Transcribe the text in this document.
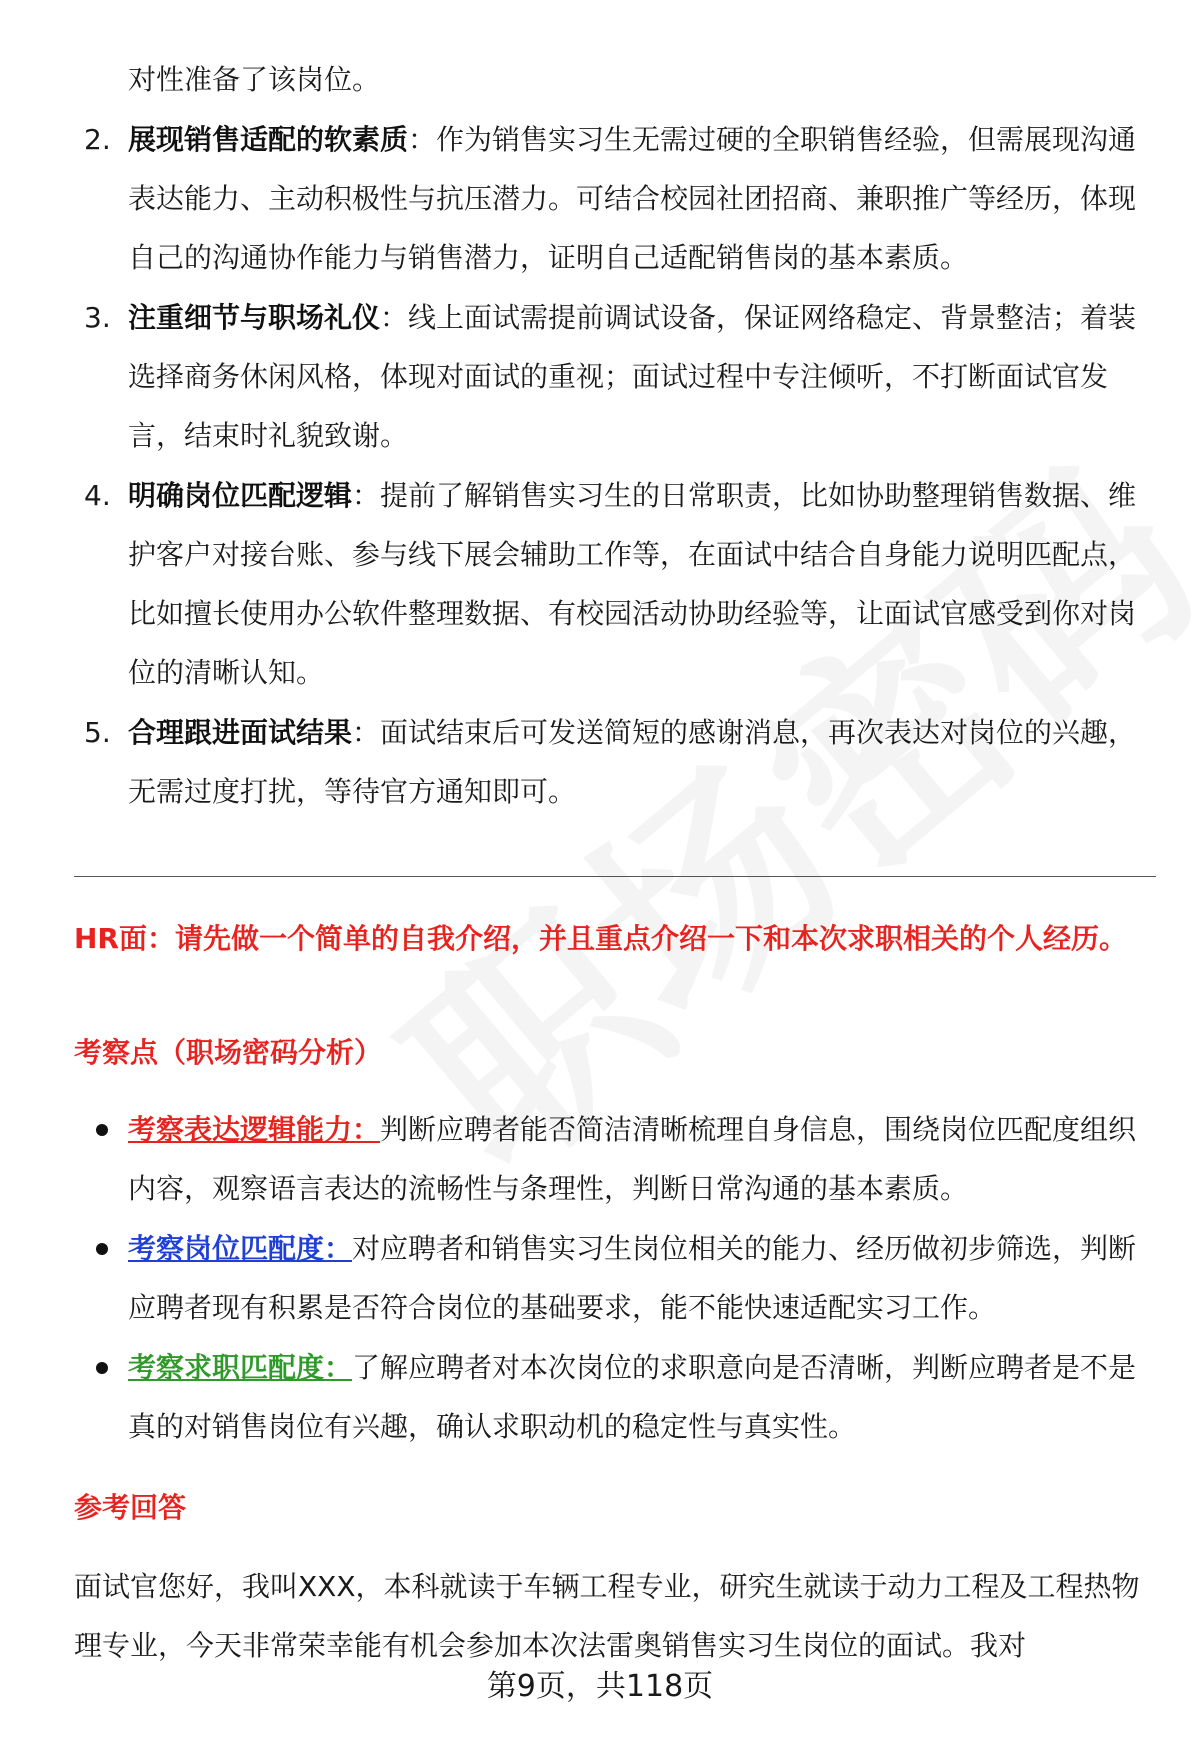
对性准备了该岗位。

2. 展现销售适配的软素质：作为销售实习生无需过硬的全职销售经验，但需展现沟通表达能力、主动积极性与抗压潜力。可结合校园社团招商、兼职推广等经历，体现自己的沟通协作能力与销售潜力，证明自己适配销售岗的基本素质。

3. 注重细节与职场礼仪：线上面试需提前调试设备，保证网络稳定、背景整洁；着装选择商务休闲风格，体现对面试的重视；面试过程中专注倾听，不打断面试官发言，结束时礼貌致谢。

4. 明确岗位匹配逻辑：提前了解销售实习生的日常职责，比如协助整理销售数据、维护客户对接台账、参与线下展会辅助工作等，在面试中结合自身能力说明匹配点，比如擅长使用办公软件整理数据、有校园活动协助经验等，让面试官感受到你对岗位的清晰认知。

5. 合理跟进面试结果：面试结束后可发送简短的感谢消息，再次表达对岗位的兴趣，无需过度打扰，等待官方通知即可。

HR面：请先做一个简单的自我介绍，并且重点介绍一下和本次求职相关的个人经历。

考察点（职场密码分析）

考察表达逻辑能力：判断应聘者能否简洁清晰梳理自身信息，围绕岗位匹配度组织内容，观察语言表达的流畅性与条理性，判断日常沟通的基本素质。

考察岗位匹配度：对应聘者和销售实习生岗位相关的能力、经历做初步筛选，判断应聘者现有积累是否符合岗位的基础要求，能不能快速适配实习工作。

考察求职匹配度：了解应聘者对本次岗位的求职意向是否清晰，判断应聘者是不是真的对销售岗位有兴趣，确认求职动机的稳定性与真实性。

参考回答

面试官您好，我叫XXX，本科就读于车辆工程专业，研究生就读于动力工程及工程热物理专业，今天非常荣幸能有机会参加本次法雷奥销售实习生岗位的面试。我对

第9页，共118页
